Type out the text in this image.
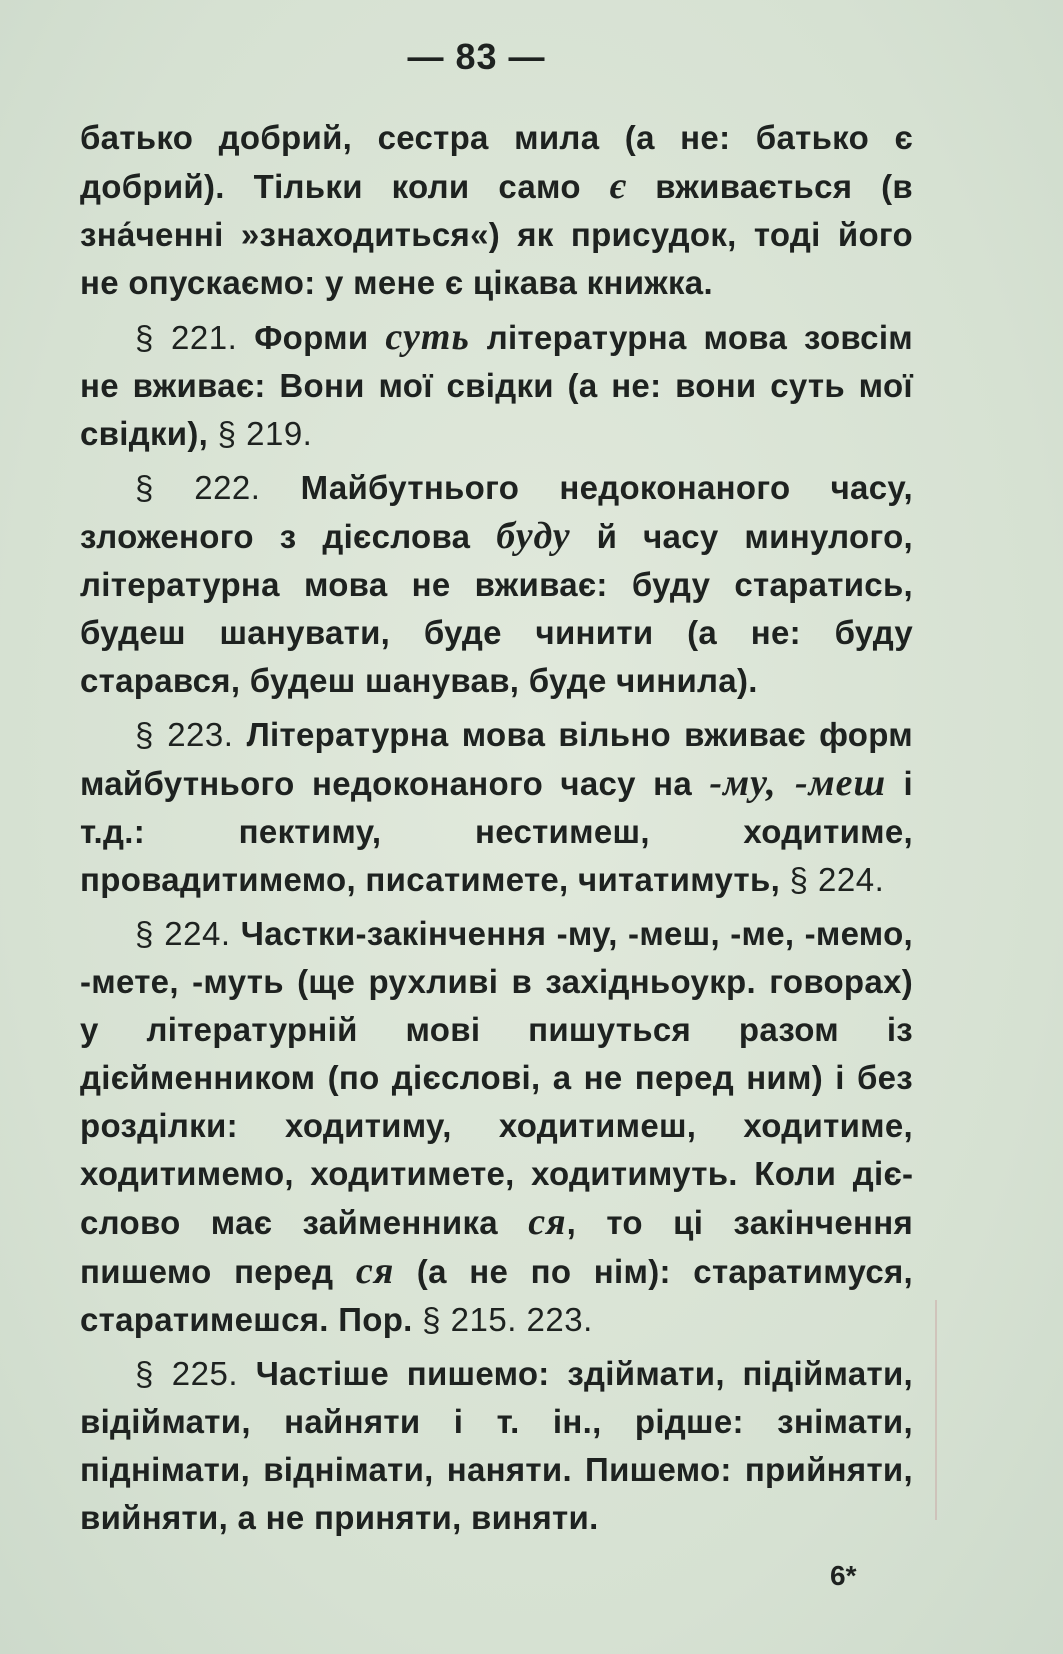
— 83 —

батько добрий, сестра мила (а не: батько є добрий). Тільки коли само є вживається (в зна́ченні »знаходиться«) як присудок, тоді його не опускаємо: у мене є цікава книжка.

§ 221. Форми суть літературна мова зовсім не вживає: Вони мої свідки (а не: вони суть мої свідки), § 219.

§ 222. Майбутнього недоконаного часу, зложеного з дієслова буду й часу минулого, літературна мова не вживає: буду старатись, будеш шанувати, буде чинити (а не: буду старався, будеш шанував, буде чинила).

§ 223. Літературна мова вільно вживає форм майбутнього недоконаного часу на -му, -меш і т.д.: пектиму, нестимеш, ходитиме, провадитимемо, писатимете, читатимуть, § 224.

§ 224. Частки-закінчення -му, -меш, -ме, -мемо, -мете, -муть (ще рухливі в західньоукр. говорах) у літературній мові пишуться разом із дієйменником (по дієслові, а не перед ним) і без розділки: ходитиму, ходитимеш, ходитиме, ходитимемо, ходитимете, ходитимуть. Коли дієслово має займенника ся, то ці закінчення пишемо перед ся (а не по нім): старатимуся, старатимешся. Пор. § 215. 223.

§ 225. Частіше пишемо: здіймати, підіймати, відіймати, найняти і т. ін., рідше: знімати, піднімати, віднімати, наняти. Пишемо: прийняти, вийняти, а не приняти, виняти.

6*
